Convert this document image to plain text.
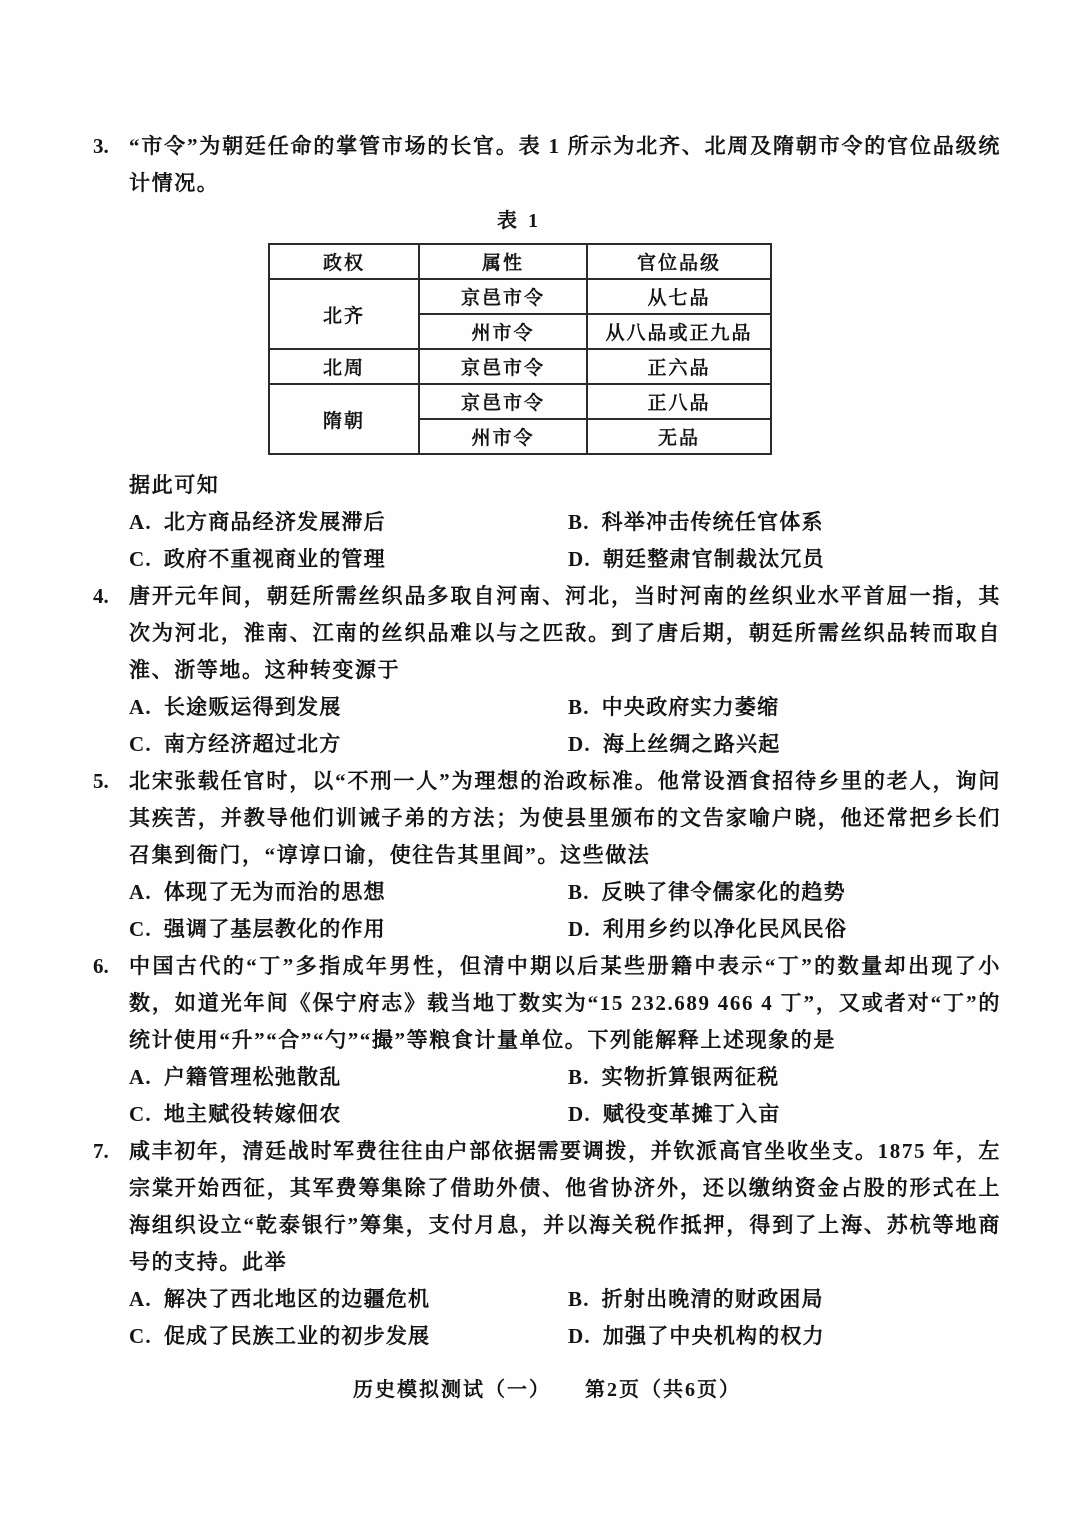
3. “市令”为朝廷任命的掌管市场的长官。表 1 所示为北齐、北周及隋朝市令的官位品级统计情况。

表 1
政权	属性	官位品级
北齐	京邑市令	从七品
	州市令	从八品或正九品
北周	京邑市令	正六品
隋朝	京邑市令	正八品
	州市令	无品

据此可知

A. 北方商品经济发展滞后	B. 科举冲击传统任官体系
C. 政府不重视商业的管理	D. 朝廷整肃官制裁汰冗员
4. 唐开元年间，朝廷所需丝织品多取自河南、河北，当时河南的丝织业水平首屈一指，其次为河北，淮南、江南的丝织品难以与之匹敌。到了唐后期，朝廷所需丝织品转而取自淮、浙等地。这种转变源于

A. 长途贩运得到发展	B. 中央政府实力萎缩
C. 南方经济超过北方	D. 海上丝绸之路兴起
5. 北宋张载任官时，以“不刑一人”为理想的治政标准。他常设酒食招待乡里的老人，询问其疾苦，并教导他们训诫子弟的方法；为使县里颁布的文告家喻户晓，他还常把乡长们召集到衙门，“谆谆口谕，使往告其里闾”。这些做法

A. 体现了无为而治的思想	B. 反映了律令儒家化的趋势
C. 强调了基层教化的作用	D. 利用乡约以净化民风民俗
6. 中国古代的“丁”多指成年男性，但清中期以后某些册籍中表示“丁”的数量却出现了小数，如道光年间《保宁府志》载当地丁数实为“15 232.689 466 4 丁”，又或者对“丁”的统计使用“升”“合”“勺”“撮”等粮食计量单位。下列能解释上述现象的是

A. 户籍管理松弛散乱	B. 实物折算银两征税
C. 地主赋役转嫁佃农	D. 赋役变革摊丁入亩
7. 咸丰初年，清廷战时军费往往由户部依据需要调拨，并钦派高官坐收坐支。1875 年，左宗棠开始西征，其军费筹集除了借助外债、他省协济外，还以缴纳资金占股的形式在上海组织设立“乾泰银行”筹集，支付月息，并以海关税作抵押，得到了上海、苏杭等地商号的支持。此举

A. 解决了西北地区的边疆危机	B. 折射出晚清的财政困局
C. 促成了民族工业的初步发展	D. 加强了中央机构的权力
历史模拟测试（一）　　第2页（共6页）
